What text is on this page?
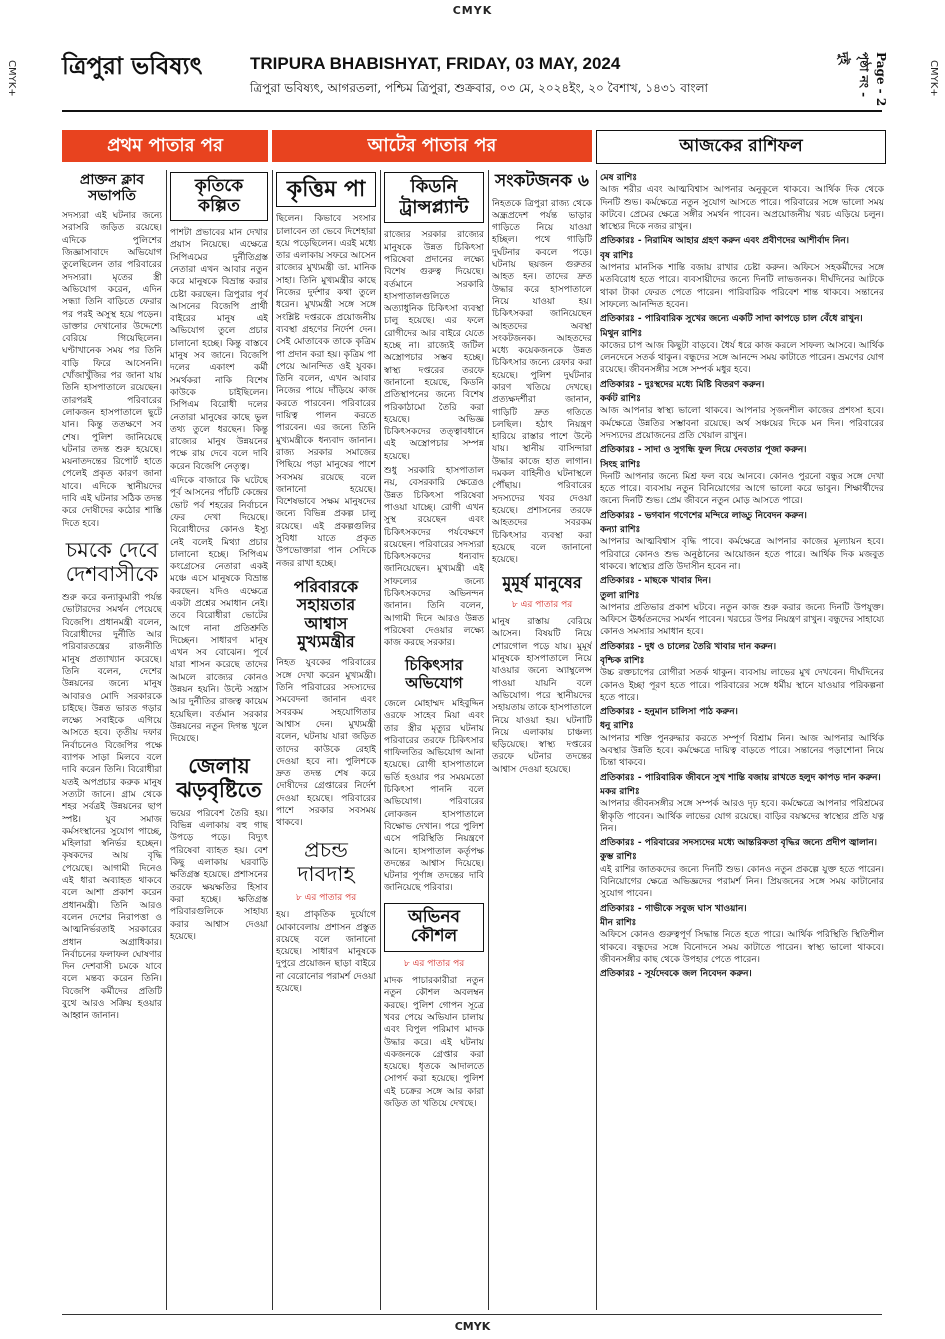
CMYK
CMYK+	CMYK+
CMYK
ত্রিপুরা ভবিষ্যৎ	TRIPURA BHABISHYAT, FRIDAY, 03 MAY, 2024
ত্রিপুরা ভবিষ্যৎ, আগরতলা, পশ্চিম ত্রিপুরা, শুক্রবার, ০৩ মে, ২০২৪ইং, ২০ বৈশাখ, ১৪৩১ বাংলা	Page - 2 পৃষ্ঠা নং - দুই
প্রথম পাতার পর	আটের পাতার পর	আজকের রাশিফল
প্রাক্তন ক্লাব সভাপতি

সদস্যরা এই ঘটনার জন্যে সরাসরি জড়িত রয়েছে। এদিকে পুলিশের জিজ্ঞাসাবাদে অভিযোগ তুলেছিলেন তার পরিবারের সদস্যরা। মৃতের স্ত্রী অভিযোগ করেন, এদিন সন্ধ্যা তিনি বাড়িতে ফেরার পর পরই অসুস্থ হয়ে পড়েন। ডাক্তার দেখানোর উদ্দেশ্যে বেরিয়ে গিয়েছিলেন। ঘণ্টাখানেক সময় পর তিনি বাড়ি ফিরে আসেননি। খোঁজাখুঁজির পর জানা যায় তিনি হাসপাতালে রয়েছেন। তারপরই পরিবারের লোকজন হাসপাতালে ছুটে যান। কিন্তু ততক্ষণে সব শেষ। পুলিশ জানিয়েছে ঘটনার তদন্ত শুরু হয়েছে। ময়নাতদন্তের রিপোর্ট হাতে পেলেই প্রকৃত কারণ জানা যাবে। এদিকে স্থানীয়দের দাবি এই ঘটনার সঠিক তদন্ত করে দোষীদের কঠোর শাস্তি দিতে হবে।

চমকে দেবে দেশবাসীকে

শুরু করে কন্যাকুমারী পর্যন্ত ভোটারদের সমর্থন পেয়েছে বিজেপি। প্রধানমন্ত্রী বলেন, বিরোধীদের দুর্নীতি আর পরিবারতন্ত্রের রাজনীতি মানুষ প্রত্যাখ্যান করেছে। তিনি বলেন, দেশের উন্নয়নের জন্যে মানুষ আবারও মোদি সরকারকে চাইছে। উন্নত ভারত গড়ার লক্ষ্যে সবাইকে এগিয়ে আসতে হবে। তৃতীয় দফার নির্বাচনেও বিজেপির পক্ষে ব্যাপক সাড়া মিলবে বলে দাবি করেন তিনি। বিরোধীরা যতই অপপ্রচার করুক মানুষ সত্যটা জানে। গ্রাম থেকে শহর সর্বত্রই উন্নয়নের ছাপ স্পষ্ট। যুব সমাজ কর্মসংস্থানের সুযোগ পাচ্ছে, মহিলারা স্বনির্ভর হচ্ছেন। কৃষকদের আয় বৃদ্ধি পেয়েছে। আগামী দিনেও এই ধারা অব্যাহত থাকবে বলে আশা প্রকাশ করেন প্রধানমন্ত্রী। তিনি আরও বলেন দেশের নিরাপত্তা ও আত্মনির্ভরতাই সরকারের প্রধান অগ্রাধিকার। নির্বাচনের ফলাফল ঘোষণার দিন দেশবাসী চমকে যাবে বলে মন্তব্য করেন তিনি। বিজেপি কর্মীদের প্রতিটি বুথে আরও সক্রিয় হওয়ার আহ্বান জানান।

কৃতিকে কল্পিত

পাশটা প্রভাবের মান দেখার প্রয়াস নিয়েছে। এক্ষেত্রে সিপিএমের দুর্নীতিগ্রস্ত নেতারা এখন আবার নতুন করে মানুষকে বিভ্রান্ত করার চেষ্টা করছেন। ত্রিপুরার পূর্ব আসনের বিজেপি প্রার্থী বাইরের মানুষ এই অভিযোগ তুলে প্রচার চালানো হচ্ছে। কিন্তু বাস্তবে মানুষ সব জানে। বিজেপি দলের একাংশ কর্মী সমর্থকরা নাকি বিশেষ কাউকে চাইছিলেন। সিপিএম বিরোধী দলের নেতারা মানুষের কাছে ভুল তথ্য তুলে ধরছেন। কিন্তু রাজ্যের মানুষ উন্নয়নের পক্ষে রায় দেবে বলে দাবি করেন বিজেপি নেতৃত্ব।

এদিকে বাজারে কি ঘটেছে পূর্ব আসনের পাঁচটি কেন্দ্রের ভোট পর্ব শহরের নির্বাচনে ফের দেখা দিয়েছে। বিরোধীদের কোনও ইস্যু নেই বলেই মিথ্যা প্রচার চালানো হচ্ছে। সিপিএম কংগ্রেসের নেতারা একই মঞ্চে এসে মানুষকে বিভ্রান্ত করছেন। যদিও এক্ষেত্রে একটা প্রশ্নের সমাধান নেই। তবে বিরোধীরা ভোটের আগে নানা প্রতিশ্রুতি দিচ্ছেন। সাধারণ মানুষ এখন সব বোঝেন। পূর্বে যারা শাসন করেছে তাদের আমলে রাজ্যের কোনও উন্নয়ন হয়নি। উল্টে সন্ত্রাস আর দুর্নীতির রাজত্ব কায়েম হয়েছিল। বর্তমান সরকার উন্নয়নের নতুন দিগন্ত খুলে দিয়েছে।

জেলায় ঝড়বৃষ্টিতে

ভয়ের পরিবেশ তৈরি হয়। বিভিন্ন এলাকায় বহু গাছ উপড়ে পড়ে। বিদ্যুৎ পরিষেবা ব্যাহত হয়। বেশ কিছু এলাকায় ঘরবাড়ি ক্ষতিগ্রস্ত হয়েছে। প্রশাসনের তরফে ক্ষয়ক্ষতির হিসাব করা হচ্ছে। ক্ষতিগ্রস্ত পরিবারগুলিকে সাহায্য করার আশ্বাস দেওয়া হয়েছে।

কৃত্তিম পা

ছিলেন। কিভাবে সংসার চালাবেন তা ভেবে দিশেহারা হয়ে পড়েছিলেন। এরই মধ্যে তার এলাকায় সফরে আসেন রাজ্যের মুখ্যমন্ত্রী ডা. মানিক সাহা। তিনি মুখ্যমন্ত্রীর কাছে নিজের দুর্দশার কথা তুলে ধরেন। মুখ্যমন্ত্রী সঙ্গে সঙ্গে সংশ্লিষ্ট দপ্তরকে প্রয়োজনীয় ব্যবস্থা গ্রহণের নির্দেশ দেন। সেই মোতাবেক তাকে কৃত্রিম পা প্রদান করা হয়। কৃত্রিম পা পেয়ে আনন্দিত ওই যুবক। তিনি বলেন, এখন আবার নিজের পায়ে দাঁড়িয়ে কাজ করতে পারবেন। পরিবারের দায়িত্ব পালন করতে পারবেন। এর জন্যে তিনি মুখ্যমন্ত্রীকে ধন্যবাদ জানান। রাজ্য সরকার সমাজের পিছিয়ে পড়া মানুষের পাশে সবসময় রয়েছে বলে জানানো হয়েছে। বিশেষভাবে সক্ষম মানুষদের জন্যে বিভিন্ন প্রকল্প চালু রয়েছে। এই প্রকল্পগুলির সুবিধা যাতে প্রকৃত উপভোক্তারা পান সেদিকে নজর রাখা হচ্ছে।

পরিবারকে সহায়তার আশ্বাস মুখ্যমন্ত্রীর

নিহত যুবকের পরিবারের সঙ্গে দেখা করেন মুখ্যমন্ত্রী। তিনি পরিবারের সদস্যদের সমবেদনা জানান এবং সবরকম সহযোগিতার আশ্বাস দেন। মুখ্যমন্ত্রী বলেন, ঘটনায় যারা জড়িত তাদের কাউকে রেহাই দেওয়া হবে না। পুলিশকে দ্রুত তদন্ত শেষ করে দোষীদের গ্রেপ্তারের নির্দেশ দেওয়া হয়েছে। পরিবারের পাশে সরকার সবসময় থাকবে।

প্রচন্ড দাবদাহ
৮ এর পাতার পর

হয়। প্রাকৃতিক দুর্যোগে মোকাবেলায় প্রশাসন প্রস্তুত রয়েছে বলে জানানো হয়েছে। সাধারণ মানুষকে দুপুরে প্রয়োজন ছাড়া বাইরে না বেরোনোর পরামর্শ দেওয়া হয়েছে।

কিডনি ট্রান্সপ্ল্যান্ট

রাজ্যের সরকার রাজ্যের মানুষকে উন্নত চিকিৎসা পরিষেবা প্রদানের লক্ষ্যে বিশেষ গুরুত্ব দিয়েছে। বর্তমানে সরকারি হাসপাতালগুলিতে অত্যাধুনিক চিকিৎসা ব্যবস্থা চালু হয়েছে। এর ফলে রোগীদের আর বাইরে যেতে হচ্ছে না। রাজ্যেই জটিল অস্ত্রোপচার সম্ভব হচ্ছে। স্বাস্থ্য দপ্তরের তরফে জানানো হয়েছে, কিডনি প্রতিস্থাপনের জন্যে বিশেষ পরিকাঠামো তৈরি করা হয়েছে। অভিজ্ঞ চিকিৎসকদের তত্ত্বাবধানে এই অস্ত্রোপচার সম্পন্ন হয়েছে।

শুধু সরকারি হাসপাতাল নয়, বেসরকারি ক্ষেত্রেও উন্নত চিকিৎসা পরিষেবা পাওয়া যাচ্ছে। রোগী এখন সুস্থ রয়েছেন এবং চিকিৎসকদের পর্যবেক্ষণে রয়েছেন। পরিবারের সদস্যরা চিকিৎসকদের ধন্যবাদ জানিয়েছেন। মুখ্যমন্ত্রী এই সাফল্যের জন্যে চিকিৎসকদের অভিনন্দন জানান। তিনি বলেন, আগামী দিনে আরও উন্নত পরিষেবা দেওয়ার লক্ষ্যে কাজ করছে সরকার।

চিকিৎসার অভিযোগ

জেলে মোহাম্মদ মহিবুদ্দিন ওরফে সাহেব মিয়া এবং তার স্ত্রীর মৃত্যুর ঘটনায় পরিবারের তরফে চিকিৎসার গাফিলতির অভিযোগ আনা হয়েছে। রোগী হাসপাতালে ভর্তি হওয়ার পর সময়মতো চিকিৎসা পাননি বলে অভিযোগ। পরিবারের লোকজন হাসপাতালে বিক্ষোভ দেখান। পরে পুলিশ এসে পরিস্থিতি নিয়ন্ত্রণে আনে। হাসপাতাল কর্তৃপক্ষ তদন্তের আশ্বাস দিয়েছে। ঘটনার পূর্ণাঙ্গ তদন্তের দাবি জানিয়েছে পরিবার।

অভিনব কৌশল
৮ এর পাতার পর

মাদক পাচারকারীরা নতুন নতুন কৌশল অবলম্বন করছে। পুলিশ গোপন সূত্রে খবর পেয়ে অভিযান চালায় এবং বিপুল পরিমাণ মাদক উদ্ধার করে। এই ঘটনায় একজনকে গ্রেপ্তার করা হয়েছে। ধৃতকে আদালতে সোপর্দ করা হয়েছে। পুলিশ এই চক্রের সঙ্গে আর কারা জড়িত তা খতিয়ে দেখছে।

সংকটজনক ৬

নিহতকে ত্রিপুরা রাজ্য থেকে অন্ধ্রপ্রদেশ পর্যন্ত ভাড়ার গাড়িতে নিয়ে যাওয়া হচ্ছিল। পথে গাড়িটি দুর্ঘটনার কবলে পড়ে। ঘটনায় ছয়জন গুরুতর আহত হন। তাদের দ্রুত উদ্ধার করে হাসপাতালে নিয়ে যাওয়া হয়। চিকিৎসকরা জানিয়েছেন আহতদের অবস্থা সংকটজনক। আহতদের মধ্যে কয়েকজনকে উন্নত চিকিৎসার জন্যে রেফার করা হয়েছে। পুলিশ দুর্ঘটনার কারণ খতিয়ে দেখছে। প্রত্যক্ষদর্শীরা জানান, গাড়িটি দ্রুত গতিতে চলছিল। হঠাৎ নিয়ন্ত্রণ হারিয়ে রাস্তার পাশে উল্টে যায়। স্থানীয় বাসিন্দারা উদ্ধার কাজে হাত লাগান। দমকল বাহিনীও ঘটনাস্থলে পৌঁছায়। পরিবারের সদস্যদের খবর দেওয়া হয়েছে। প্রশাসনের তরফে আহতদের সবরকম চিকিৎসার ব্যবস্থা করা হয়েছে বলে জানানো হয়েছে।

মুমূর্ষ মানুষের
৮ এর পাতার পর

মানুষ রাস্তায় বেরিয়ে আসেন। বিষয়টি নিয়ে শোরগোল পড়ে যায়। মুমূর্ষ মানুষকে হাসপাতালে নিয়ে যাওয়ার জন্যে অ্যাম্বুলেন্স পাওয়া যায়নি বলে অভিযোগ। পরে স্থানীয়দের সহায়তায় তাকে হাসপাতালে নিয়ে যাওয়া হয়। ঘটনাটি নিয়ে এলাকায় চাঞ্চল্য ছড়িয়েছে। স্বাস্থ্য দপ্তরের তরফে ঘটনার তদন্তের আশ্বাস দেওয়া হয়েছে।

মেষ রাশিঃ

আজ শরীর এবং আত্মবিশ্বাস আপনার অনুকূলে থাকবে। আর্থিক দিক থেকে দিনটি শুভ। কর্মক্ষেত্রে নতুন সুযোগ আসতে পারে। পরিবারের সঙ্গে ভালো সময় কাটবে। প্রেমের ক্ষেত্রে সঙ্গীর সমর্থন পাবেন। অপ্রয়োজনীয় খরচ এড়িয়ে চলুন। স্বাস্থ্যের দিকে নজর রাখুন।

প্রতিকারঃ - নিরামিষ আহার গ্রহণ করুন এবং প্রবীণদের আশীর্বাদ নিন।

বৃষ রাশিঃ

আপনার মানসিক শান্তি বজায় রাখার চেষ্টা করুন। অফিসে সহকর্মীদের সঙ্গে মতবিরোধ হতে পারে। ব্যবসায়ীদের জন্যে দিনটি লাভজনক। দীর্ঘদিনের আটকে থাকা টাকা ফেরত পেতে পারেন। পারিবারিক পরিবেশ শান্ত থাকবে। সন্তানের সাফল্যে আনন্দিত হবেন।

প্রতিকারঃ - পারিবারিক সুখের জন্যে একটি সাদা কাপড়ে চাল বেঁধে রাখুন।

মিথুন রাশিঃ

কাজের চাপ আজ কিছুটা বাড়বে। ধৈর্য ধরে কাজ করলে সাফল্য আসবে। আর্থিক লেনদেনে সতর্ক থাকুন। বন্ধুদের সঙ্গে আনন্দে সময় কাটাতে পারেন। ভ্রমণের যোগ রয়েছে। জীবনসঙ্গীর সঙ্গে সম্পর্ক মধুর হবে।

প্রতিকারঃ - দুঃস্থদের মধ্যে মিষ্টি বিতরণ করুন।

কর্কট রাশিঃ

আজ আপনার স্বাস্থ্য ভালো থাকবে। আপনার সৃজনশীল কাজের প্রশংসা হবে। কর্মক্ষেত্রে উন্নতির সম্ভাবনা রয়েছে। অর্থ সঞ্চয়ের দিকে মন দিন। পরিবারের সদস্যদের প্রয়োজনের প্রতি খেয়াল রাখুন।

প্রতিকারঃ - সাদা ও সুগন্ধি ফুল দিয়ে দেবতার পূজা করুন।

সিংহ রাশিঃ

দিনটি আপনার জন্যে মিশ্র ফল বয়ে আনবে। কোনও পুরনো বন্ধুর সঙ্গে দেখা হতে পারে। ব্যবসায় নতুন বিনিয়োগের আগে ভালো করে ভাবুন। শিক্ষার্থীদের জন্যে দিনটি শুভ। প্রেম জীবনে নতুন মোড় আসতে পারে।

প্রতিকারঃ - ভগবান গণেশের মন্দিরে লাড্ডু নিবেদন করুন।

কন্যা রাশিঃ

আপনার আত্মবিশ্বাস বৃদ্ধি পাবে। কর্মক্ষেত্রে আপনার কাজের মূল্যায়ন হবে। পরিবারে কোনও শুভ অনুষ্ঠানের আয়োজন হতে পারে। আর্থিক দিক মজবুত থাকবে। স্বাস্থ্যের প্রতি উদাসীন হবেন না।

প্রতিকারঃ - মাছকে খাবার দিন।

তুলা রাশিঃ

আপনার প্রতিভার প্রকাশ ঘটবে। নতুন কাজ শুরু করার জন্যে দিনটি উপযুক্ত। অফিসে ঊর্ধ্বতনদের সমর্থন পাবেন। খরচের উপর নিয়ন্ত্রণ রাখুন। বন্ধুদের সাহায্যে কোনও সমস্যার সমাধান হবে।

প্রতিকারঃ - দুধ ও চালের তৈরি খাবার দান করুন।

বৃশ্চিক রাশিঃ

উচ্চ রক্তচাপের রোগীরা সতর্ক থাকুন। ব্যবসায় লাভের মুখ দেখবেন। দীর্ঘদিনের কোনও ইচ্ছা পূরণ হতে পারে। পরিবারের সঙ্গে ধর্মীয় স্থানে যাওয়ার পরিকল্পনা হতে পারে।

প্রতিকারঃ - হনুমান চালিসা পাঠ করুন।

ধনু রাশিঃ

আপনার শক্তি পুনরুদ্ধার করতে সম্পূর্ণ বিশ্রাম নিন। আজ আপনার আর্থিক অবস্থার উন্নতি হবে। কর্মক্ষেত্রে দায়িত্ব বাড়তে পারে। সন্তানের পড়াশোনা নিয়ে চিন্তা থাকবে।

প্রতিকারঃ - পারিবারিক জীবনে সুখ শান্তি বজায় রাখতে হলুদ কাপড় দান করুন।

মকর রাশিঃ

আপনার জীবনসঙ্গীর সঙ্গে সম্পর্ক আরও দৃঢ় হবে। কর্মক্ষেত্রে আপনার পরিশ্রমের স্বীকৃতি পাবেন। আর্থিক লাভের যোগ রয়েছে। বাড়ির বয়স্কদের স্বাস্থ্যের প্রতি যত্ন নিন।

প্রতিকারঃ - পরিবারের সদস্যদের মধ্যে আন্তরিকতা বৃদ্ধির জন্যে প্রদীপ জ্বালান।

কুম্ভ রাশিঃ

এই রাশির জাতকদের জন্যে দিনটি শুভ। কোনও নতুন প্রকল্পে যুক্ত হতে পারেন। বিনিয়োগের ক্ষেত্রে অভিজ্ঞদের পরামর্শ নিন। প্রিয়জনের সঙ্গে সময় কাটানোর সুযোগ পাবেন।

প্রতিকারঃ - গাভীকে সবুজ ঘাস খাওয়ান।

মীন রাশিঃ

অফিসে কোনও গুরুত্বপূর্ণ সিদ্ধান্ত নিতে হতে পারে। আর্থিক পরিস্থিতি স্থিতিশীল থাকবে। বন্ধুদের সঙ্গে বিনোদনে সময় কাটাতে পারেন। স্বাস্থ্য ভালো থাকবে। জীবনসঙ্গীর কাছ থেকে উপহার পেতে পারেন।

প্রতিকারঃ - সূর্যদেবকে জল নিবেদন করুন।
